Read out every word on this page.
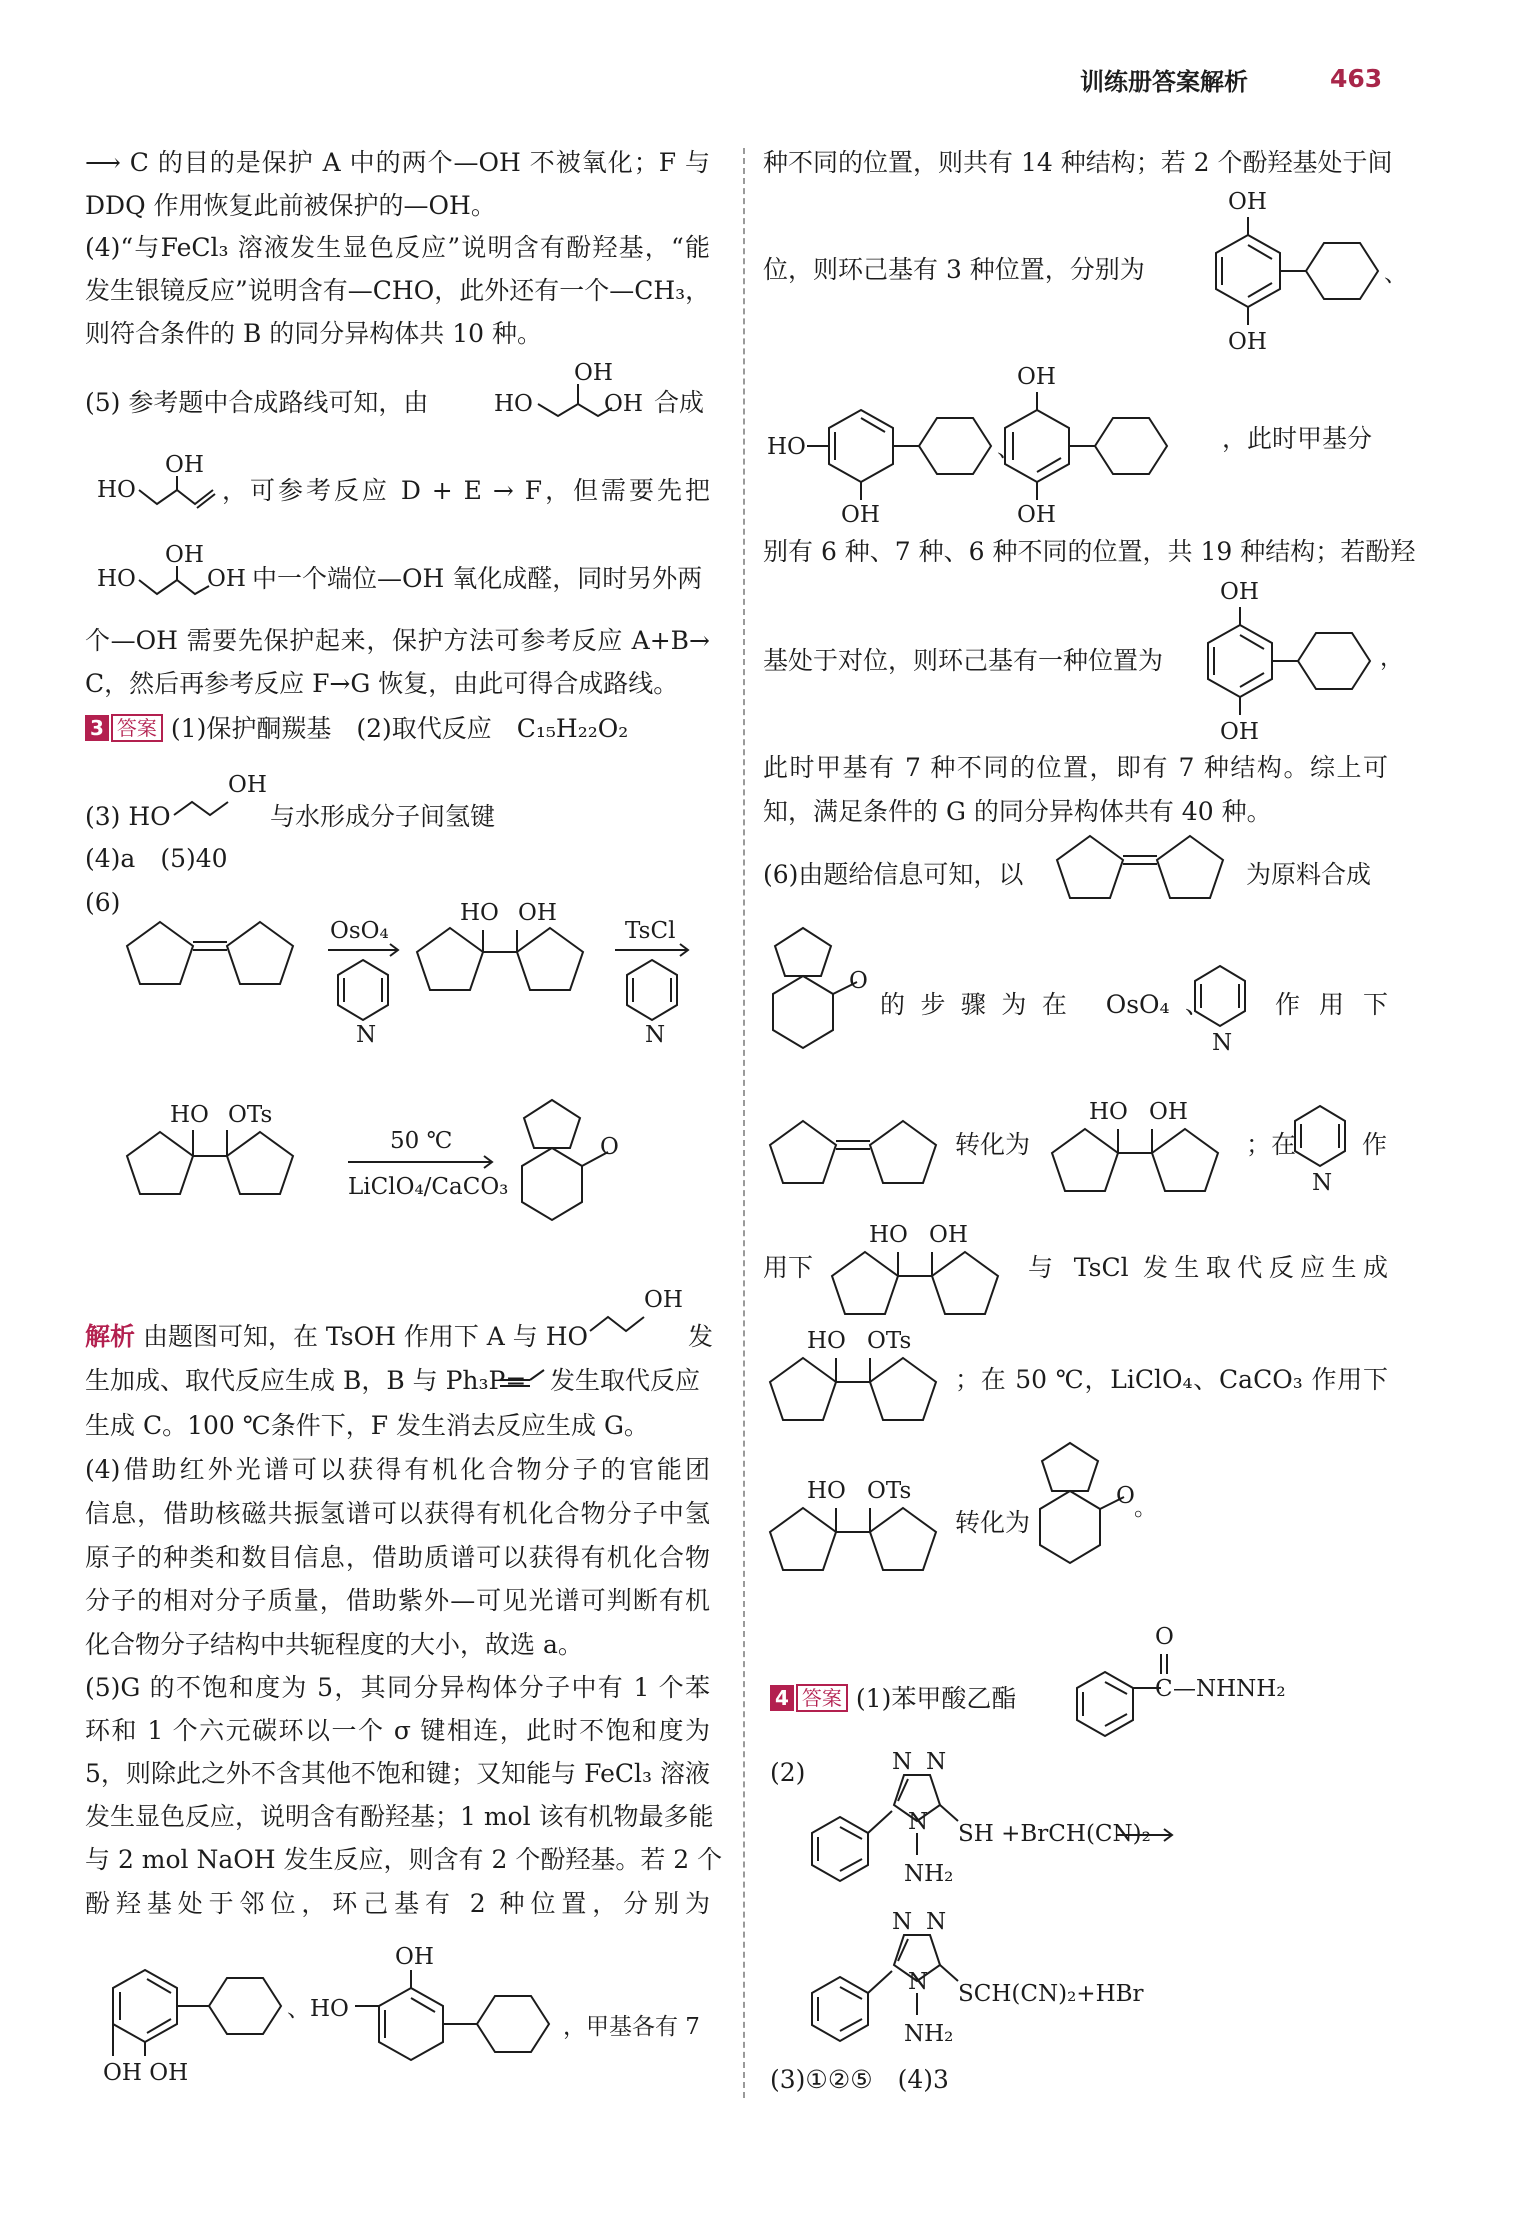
训练册答案解析	463
⟶ C 的目的是保护 A 中的两个—OH 不被氧化；F 与
DDQ 作用恢复此前被保护的—OH。
(4)“与FeCl₃ 溶液发生显色反应”说明含有酚羟基，“能
发生银镜反应”说明含有—CHO，此外还有一个—CH₃，
则符合条件的 B 的同分异构体共 10 种。
(5) 参考题中合成路线可知，由	HO
OH
OH 合成
HO
OH
，可参考反应 D + E → F，但需要先把
HO
OH
OH 中一个端位—OH 氧化成醛，同时另外两
个—OH 需要先保护起来，保护方法可参考反应 A+B→
C，然后再参考反应 F→G 恢复，由此可得合成路线。
3 答案 (1)保护酮羰基　(2)取代反应　C₁₅H₂₂O₂
(3) HO
OH
与水形成分子间氢键
(4)a　(5)40
(6)
OsO₄
N
HO OH
TsCl
N
HO OTs
50 ℃
LiClO₄/CaCO₃
O
解析 由题图可知，在 TsOH 作用下 A 与 HO
OH
发
生加成、取代反应生成 B，B 与 Ph₃P= 发生取代反应
生成 C。100 ℃条件下，F 发生消去反应生成 G。
(4)借助红外光谱可以获得有机化合物分子的官能团
信息，借助核磁共振氢谱可以获得有机化合物分子中氢
原子的种类和数目信息，借助质谱可以获得有机化合物
分子的相对分子质量，借助紫外—可见光谱可判断有机
化合物分子结构中共轭程度的大小，故选 a。
(5)G 的不饱和度为 5，其同分异构体分子中有 1 个苯
环和 1 个六元碳环以一个 σ 键相连，此时不饱和度为
5，则除此之外不含其他不饱和键；又知能与 FeCl₃ 溶液
发生显色反应，说明含有酚羟基；1 mol 该有机物最多能
与 2 mol NaOH 发生反应，则含有 2 个酚羟基。若 2 个
酚羟基处于邻位，环己基有 2 种位置，分别为
OH OH
、HO
OH
，甲基各有 7
种不同的位置，则共有 14 种结构；若 2 个酚羟基处于间
位，则环己基有 3 种位置，分别为
OH
OH
、
HO
OH
、
OH
OH
，此时甲基分
别有 6 种、7 种、6 种不同的位置，共 19 种结构；若酚羟
基处于对位，则环己基有一种位置为
OH
OH
，
此时甲基有 7 种不同的位置，即有 7 种结构。综上可
知，满足条件的 G 的同分异构体共有 40 种。
(6)由题给信息可知，以	为原料合成
O
的步骤为在 OsO₄、
N
作用下
转化为
HO OH
；在
N
作
用下
HO OH
与 TsCl 发生取代反应生成
HO OTs
；在 50 ℃，LiClO₄、CaCO₃ 作用下
HO OTs
转化为
O 。
4 答案 (1)苯甲酸乙酯	C
O
—NHNH₂
(2)	N N
N SH +BrCH(CN)₂
NH₂
N N
N SCH(CN)₂+HBr
NH₂
(3)①②⑤　(4)3
